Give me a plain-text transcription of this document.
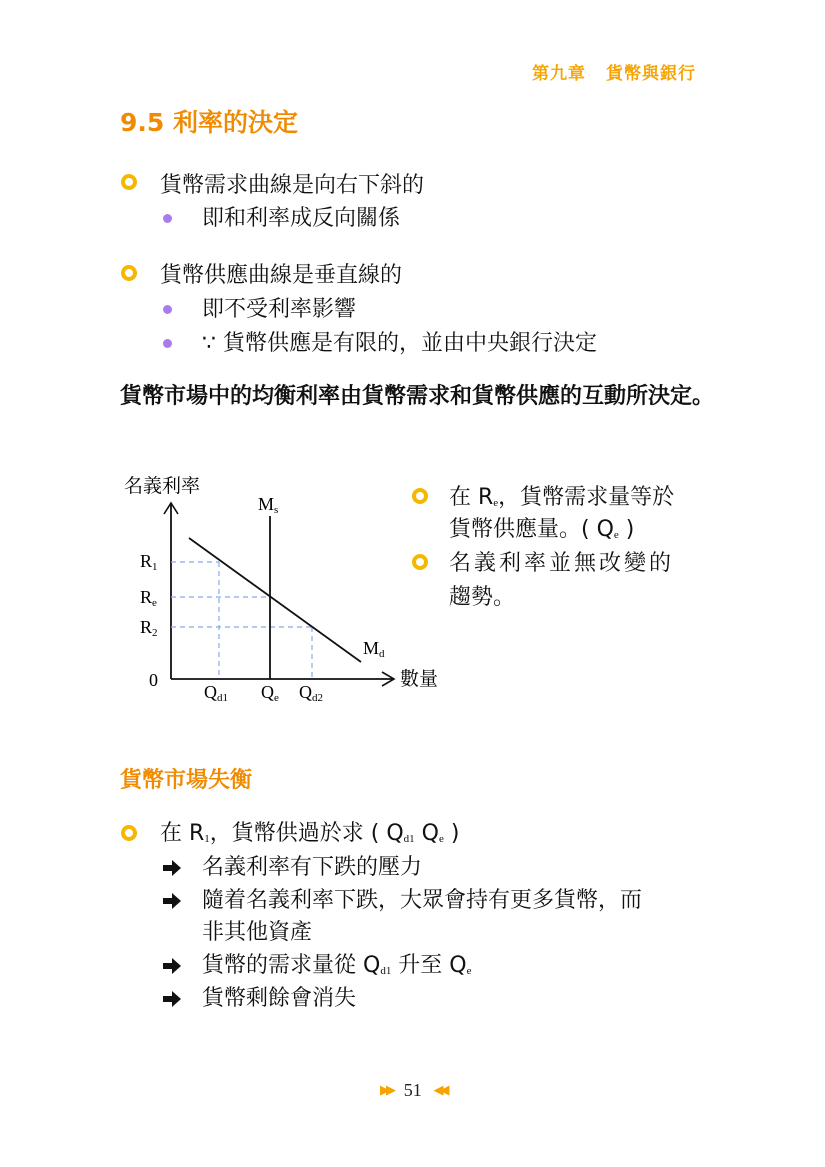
第九章 貨幣與銀行
9.5 利率的決定
貨幣需求曲線是向右下斜的
即和利率成反向關係
貨幣供應曲線是垂直線的
即不受利率影響
∵ 貨幣供應是有限的，並由中央銀行決定
貨幣市場中的均衡利率由貨幣需求和貨幣供應的互動所決定。
名義利率
數量
0
Ms
Md
R1
Re
R2
Qd1 Qe Qd2
在 Re，貨幣需求量等於
貨幣供應量。( Qe )
名義利率並無改變的
趨勢。
貨幣市場失衡
在 R1，貨幣供過於求 ( Qd1 Qe )
名義利率有下跌的壓力
隨着名義利率下跌，大眾會持有更多貨幣，而
非其他資產
貨幣的需求量從 Qd1 升至 Qe
貨幣剩餘會消失
▶▶ 51 ◀◀
